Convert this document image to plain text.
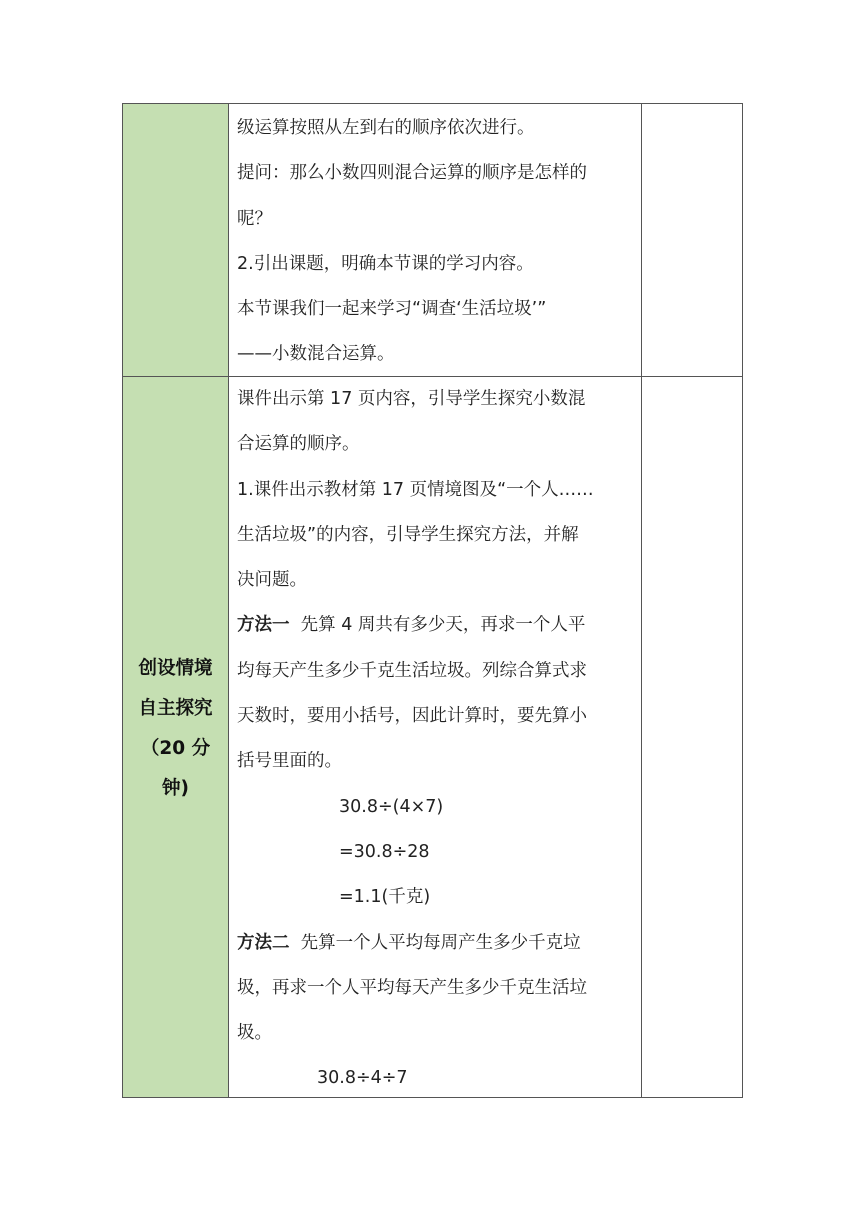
创设情境
自主探究
（20 分
钟)
级运算按照从左到右的顺序依次进行。
提问：那么小数四则混合运算的顺序是怎样的
呢？
2.引出课题，明确本节课的学习内容。
本节课我们一起来学习“调查‘生活垃圾’”
——小数混合运算。
课件出示第 17 页内容，引导学生探究小数混
合运算的顺序。
1.课件出示教材第 17 页情境图及“一个人……
生活垃圾”的内容，引导学生探究方法，并解
决问题。
方法一 先算 4 周共有多少天，再求一个人平
均每天产生多少千克生活垃圾。列综合算式求
天数时，要用小括号，因此计算时，要先算小
括号里面的。
30.8÷(4×7)
=30.8÷28
=1.1(千克)
方法二 先算一个人平均每周产生多少千克垃
圾，再求一个人平均每天产生多少千克生活垃
圾。
30.8÷4÷7
